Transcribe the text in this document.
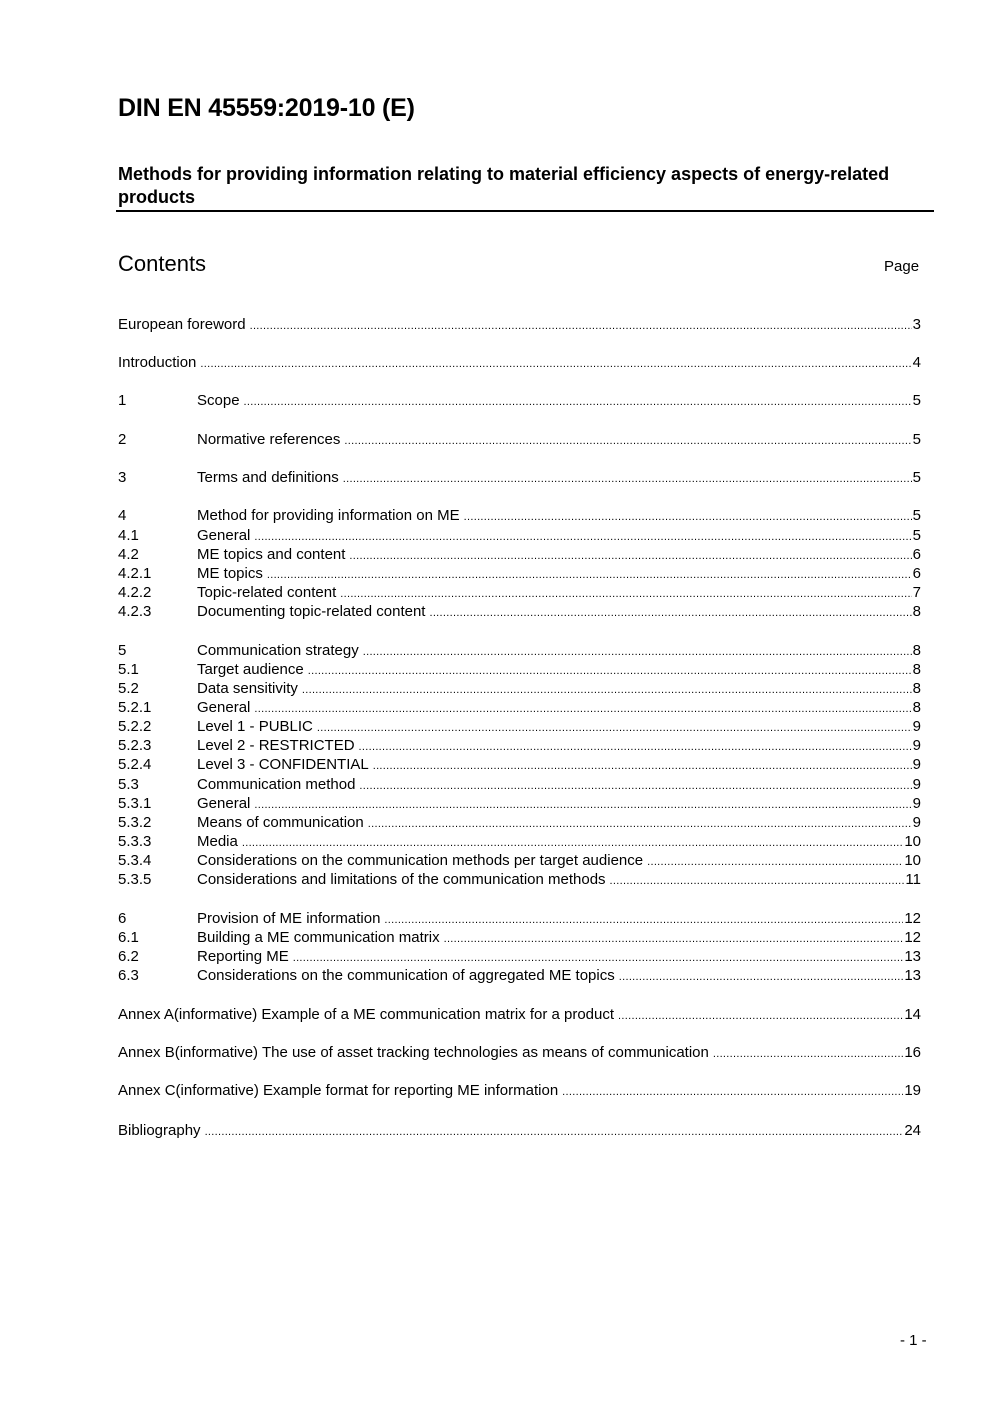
DIN EN 45559:2019-10 (E)
Methods for providing information relating to material efficiency aspects of energy-related products
Contents	Page
European foreword .....	3
Introduction .....	4
1	Scope .....	5
2	Normative references .....	5
3	Terms and definitions .....	5
4	Method for providing information on ME .....	5
4.1	General .....	5
4.2	ME topics and content .....	6
4.2.1	ME topics .....	6
4.2.2	Topic-related content .....	7
4.2.3	Documenting topic-related content .....	8
5	Communication strategy .....	8
5.1	Target audience .....	8
5.2	Data sensitivity .....	8
5.2.1	General .....	8
5.2.2	Level 1 - PUBLIC .....	9
5.2.3	Level 2 - RESTRICTED .....	9
5.2.4	Level 3 - CONFIDENTIAL .....	9
5.3	Communication method .....	9
5.3.1	General .....	9
5.3.2	Means of communication .....	9
5.3.3	Media .....	10
5.3.4	Considerations on the communication methods per target audience .....	10
5.3.5	Considerations and limitations of the communication methods .....	11
6	Provision of ME information .....	12
6.1	Building a ME communication matrix .....	12
6.2	Reporting ME .....	13
6.3	Considerations on the communication of aggregated ME topics .....	13
Annex A(informative) Example of a ME communication matrix for a product .....	14
Annex B(informative) The use of asset tracking technologies as means of communication .....	16
Annex C(informative) Example format for reporting ME information .....	19
Bibliography .....	24
- 1 -
